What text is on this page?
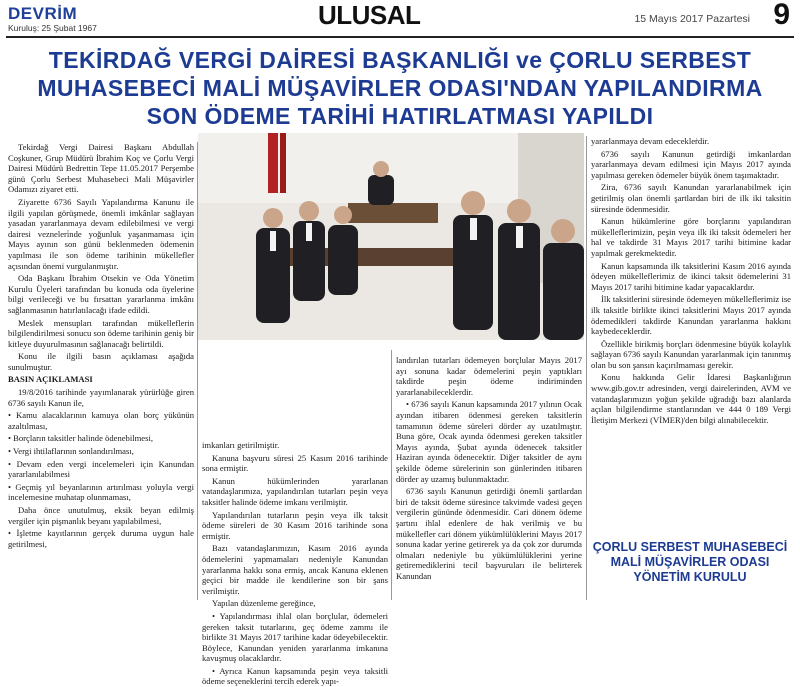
DEVRİM
Kuruluş: 25 Şubat 1967	ULUSAL	15 Mayıs 2017 Pazartesi 9
TEKİRDAĞ VERGİ DAİRESİ BAŞKANLIĞI ve ÇORLU SERBEST
MUHASEBECİ MALİ MÜŞAVİRLER ODASI'NDAN YAPILANDIRMA
SON ÖDEME TARİHİ HATIRLATMASI YAPILDI

Tekirdağ Vergi Dairesi Başkanı Abdullah Coşkuner, Grup Müdürü İbrahim Koç ve Çorlu Vergi Dairesi Müdürü Bedrettin Tepe 11.05.2017 Perşembe günü Çorlu Serbest Muhasebeci Mali Müşavirler Odamızı ziyaret etti.

Ziyarette 6736 Sayılı Yapılandırma Kanunu ile ilgili yapılan görüşmede, önemli imkânlar sağlayan yasadan yararlanmaya devam edilebilmesi ve vergi dairesi vezneleri̇nde yoğunluk yaşanmaması için Mayıs ayının son günü beklenmeden ödemenin yapılması ile son ödeme tarihinin mükellefler açısından önemi vurgulanmıştır.

Oda Başkanı İbrahim Otsekin ve Oda Yönetim Kurulu Üyeleri tarafından bu konuda oda üyelerine bilgi verileceği ve bu fırsattan yararlanma imkânı sağlanmasının hatırlatılacağı ifade edildi.

Meslek mensupları tarafından mükelleflerin bilgilendirilmesi sonucu son ödeme tarihinin geniş bir kitleye duyurulmasının sağlanacağı belirtildi.

Konu ile ilgili basın açıklaması aşağıda sunulmuştur.

BASIN AÇIKLAMASI

19/8/2016 tarihinde yayımlanarak yürürlüğe giren 6736 sayılı Kanun ile,

• Kamu alacaklarının kamuya olan borç yükünün azaltılması,

• Borçların taksitler halinde ödenebilmesi,

• Vergi ihtilaflarının sonlandırılması,

• Devam eden vergi incelemeleri için Kanundan yararlanılabilmesi

• Geçmiş yıl beyanlarının artırılması yoluyla vergi incelemesine muhatap olunmaması,

Daha önce unutulmuş, eksik beyan edilmiş vergiler için pişmanlık beyanı yapılabilmesi,

• İşletme kayıtlarının gerçek duruma uygun hale getirilmesi,

imkanları getirilmiştir.

Kanuna başvuru süresi 25 Kasım 2016 tarihinde sona ermiştir.

Kanun hükümlerinden yararlanan vatandaşlarımıza, yapılandırılan tutarları peşin veya taksitler halinde ödeme imkanı verilmiştir.

Yapılandırılan tutarların peşin veya ilk taksit ödeme süreleri de 30 Kasım 2016 tarihinde sona ermiştir.

Bazı vatandaşlarımızın, Kasım 2016 ayında ödemelerini yapmamaları nedeniyle Kanundan yararlanma hakkı sona ermiş, ancak Kanuna eklenen geçici bir madde ile kendilerine son bir şans verilmiştir.

Yapılan düzenleme gereğince,

• Yapılandırması ihlal olan borçlular, ödemeleri gereken taksit tutarlarını, geç ödeme zammı ile birlikte 31 Mayıs 2017 tarihine kadar ödeyebilecektir. Böylece, Kanundan yeniden yararlanma imkanına kavuşmuş olacaklardır.

• Ayrıca Kanun kapsamında peşin veya taksitli ödeme seçeneklerini tercih ederek yapı-

landırılan tutarları ödemeyen borçlular Mayıs 2017 ayı sonuna kadar ödemelerini peşin yaptıkları takdirde peşin ödeme indiriminden yararlanabileceklerdir.

• 6736 sayılı Kanun kapsamında 2017 yılının Ocak ayından itibaren ödenmesi gereken taksitlerin tamamının ödeme süreleri dörder ay uzatılmıştır. Buna göre, Ocak ayında ödenmesi gereken taksitler Mayıs ayında, Şubat ayında ödenecek taksitler Haziran ayında ödenecektir. Diğer taksitler de aynı şekilde ödeme sürelerinin son günlerinden itibaren dörder ay uzamış bulunmaktadır.

6736 sayılı Kanunun getirdiği önemli şartlardan biri de taksit ödeme süresince takvimde vadesi geçen vergilerin gününde ödenmesidir. Cari dönem ödeme şartını ihlal edenlere de hak verilmiş ve bu mükellefler cari dönem yükümlülüklerini Mayıs 2017 sonuna kadar yerine getirerek ya da çok zor durumda olmaları nedeniyle bu yükümlülüklerini yerine getiremediklerini tecil başvuruları ile belirterek Kanundan

yararlanmaya devam edecekleṙdir.

6736 sayılı Kanunun getirdiği imkanlardan yararlanmaya devam edilmesi için Mayıs 2017 ayında yapılması gereken ödemeler büyük önem taşımaktadır.

Zira, 6736 sayılı Kanundan yararlanabilmek için getirilmiş olan önemli şartlardan biri de ilk iki taksitin süresinde ödenmesidir.

Kanun hükümlerine göre borçlarını yapılandıran mükelleflerimizin, peşin veya ilk iki taksit ödemeleri her hal ve takdirde 31 Mayıs 2017 tarihi bitimine kadar yapılmak gerekmektedir.

Kanun kapsamında ilk taksitlerini Kasım 2016 ayında ödeyen mükelleflerimiz de ikinci taksit ödemelerini 31 Mayıs 2017 tarihi bitimine kadar yapacaklardır.

İlk taksitlerini süresinde ödemeyen mükelleflerimiz ise ilk taksitle birlikte ikinci taksitlerini Mayıs 2017 ayında ödemedikleri takdirde Kanundan yararlanma hakkını kaybedeceklerdir.

Özellikle birikmiş borçları ödenmesine büyük kolaylık sağlayan 6736 sayılı Kanundan yararlanmak için tanınmış olan bu son şansın kaçırılmaması gerekir.

Konu hakkında Gelir İdaresi Başkanlığının www.gib.gov.tr adresinden, vergi dairelerinden, AVM ve vatandaşlarımızın yoğun şekilde uğradığı bazı alanlarda açılan bilgilendirme stantlarından ve 444 0 189 Vergi İletişim Merkezi (VİMER)'den bilgi alınabilecektir.

ÇORLU SERBEST MUHASEBECİ
MALİ MÜŞAVİRLER ODASI
YÖNETİM KURULU
